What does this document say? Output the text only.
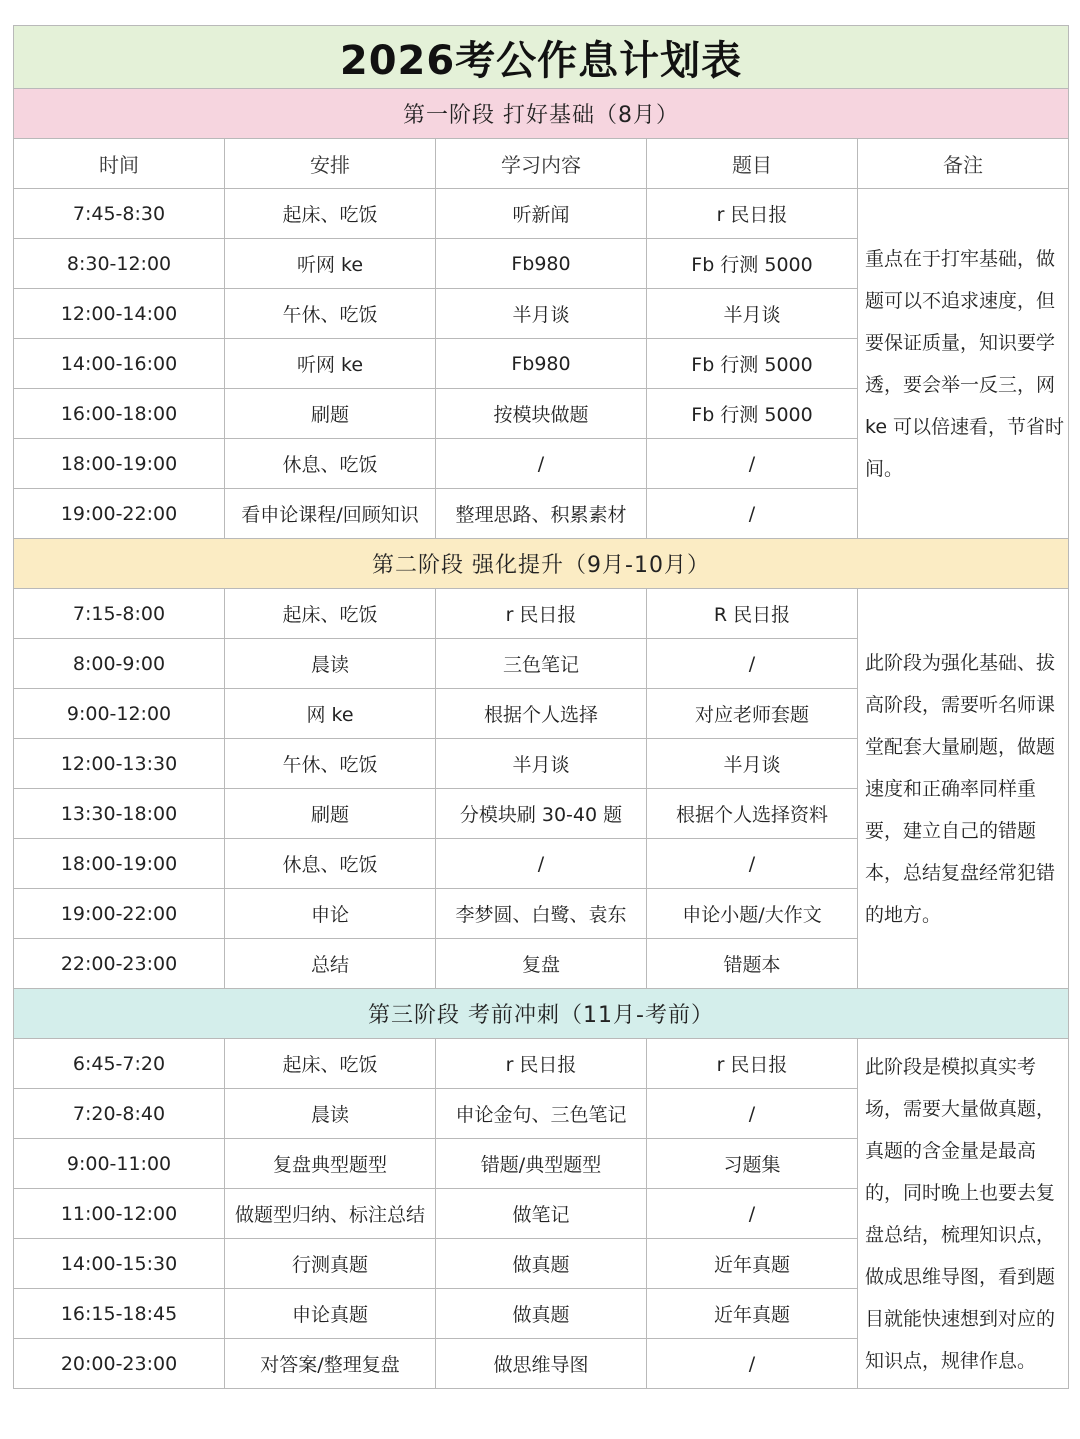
2026考公作息计划表				
第一阶段 打好基础（8月）				
时间	安排	学习内容	题目	备注
7:45-8:30	起床、吃饭	听新闻	r 民日报	重点在于打牢基础，做题可以不追求速度，但要保证质量，知识要学透，要会举一反三，网 ke 可以倍速看，节省时间。
8:30-12:00	听网 ke	Fb980	Fb 行测 5000	
12:00-14:00	午休、吃饭	半月谈	半月谈	
14:00-16:00	听网 ke	Fb980	Fb 行测 5000	
16:00-18:00	刷题	按模块做题	Fb 行测 5000	
18:00-19:00	休息、吃饭	/	/	
19:00-22:00	看申论课程/回顾知识	整理思路、积累素材	/	
第二阶段 强化提升（9月-10月）				
7:15-8:00	起床、吃饭	r 民日报	R 民日报	此阶段为强化基础、拔高阶段，需要听名师课堂配套大量刷题，做题速度和正确率同样重要，建立自己的错题本，总结复盘经常犯错的地方。
8:00-9:00	晨读	三色笔记	/	
9:00-12:00	网 ke	根据个人选择	对应老师套题	
12:00-13:30	午休、吃饭	半月谈	半月谈	
13:30-18:00	刷题	分模块刷 30-40 题	根据个人选择资料	
18:00-19:00	休息、吃饭	/	/	
19:00-22:00	申论	李梦圆、白鹭、袁东	申论小题/大作文	
22:00-23:00	总结	复盘	错题本	
第三阶段 考前冲刺（11月-考前）				
6:45-7:20	起床、吃饭	r 民日报	r 民日报	此阶段是模拟真实考场，需要大量做真题，真题的含金量是最高的，同时晚上也要去复盘总结，梳理知识点，做成思维导图，看到题目就能快速想到对应的知识点，规律作息。
7:20-8:40	晨读	申论金句、三色笔记	/	
9:00-11:00	复盘典型题型	错题/典型题型	习题集	
11:00-12:00	做题型归纳、标注总结	做笔记	/	
14:00-15:30	行测真题	做真题	近年真题	
16:15-18:45	申论真题	做真题	近年真题	
20:00-23:00	对答案/整理复盘	做思维导图	/	
